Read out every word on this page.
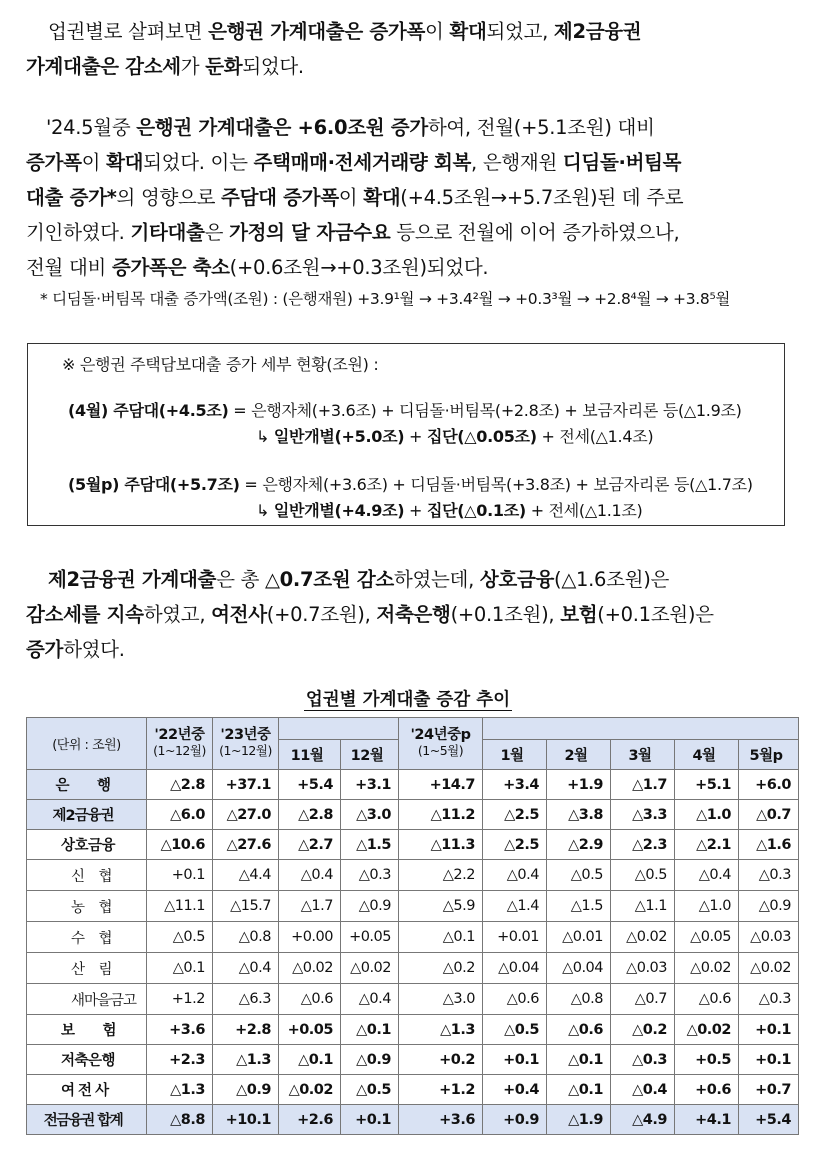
업권별로 살펴보면 은행권 가계대출은 증가폭이 확대되었고, 제2금융권
가계대출은 감소세가 둔화되었다.
'24.5월중 은행권 가계대출은 +6.0조원 증가하여, 전월(+5.1조원) 대비
증가폭이 확대되었다. 이는 주택매매·전세거래량 회복, 은행재원 디딤돌·버팀목
대출 증가*의 영향으로 주담대 증가폭이 확대(+4.5조원→+5.7조원)된 데 주로
기인하였다. 기타대출은 가정의 달 자금수요 등으로 전월에 이어 증가하였으나,
전월 대비 증가폭은 축소(+0.6조원→+0.3조원)되었다.
* 디딤돌·버팀목 대출 증가액(조원) : (은행재원) +3.9¹월 → +3.4²월 → +0.3³월 → +2.8⁴월 → +3.8⁵월
※ 은행권 주택담보대출 증가 세부 현황(조원) :
(4월) 주담대(+4.5조) = 은행자체(+3.6조) + 디딤돌·버팀목(+2.8조) + 보금자리론 등(△1.9조)
↳ 일반개별(+5.0조) + 집단(△0.05조) + 전세(△1.4조)
(5월p) 주담대(+5.7조) = 은행자체(+3.6조) + 디딤돌·버팀목(+3.8조) + 보금자리론 등(△1.7조)
↳ 일반개별(+4.9조) + 집단(△0.1조) + 전세(△1.1조)
제2금융권 가계대출은 총 △0.7조원 감소하였는데, 상호금융(△1.6조원)은
감소세를 지속하였고, 여전사(+0.7조원), 저축은행(+0.1조원), 보험(+0.1조원)은
증가하였다.
업권별 가계대출 증감 추이
(단위 : 조원)	'22년중
(1~12월)	'23년중
(1~12월)			'24년중p
(1~5월)					
			11월	12월		1월	2월	3월	4월	5월p
은　　행	△2.8	+37.1	+5.4	+3.1	+14.7	+3.4	+1.9	△1.7	+5.1	+6.0
제2금융권	△6.0	△27.0	△2.8	△3.0	△11.2	△2.5	△3.8	△3.3	△1.0	△0.7
상호금융	△10.6	△27.6	△2.7	△1.5	△11.3	△2.5	△2.9	△2.3	△2.1	△1.6
신　협	+0.1	△4.4	△0.4	△0.3	△2.2	△0.4	△0.5	△0.5	△0.4	△0.3
농　협	△11.1	△15.7	△1.7	△0.9	△5.9	△1.4	△1.5	△1.1	△1.0	△0.9
수　협	△0.5	△0.8	+0.00	+0.05	△0.1	+0.01	△0.01	△0.02	△0.05	△0.03
산　림	△0.1	△0.4	△0.02	△0.02	△0.2	△0.04	△0.04	△0.03	△0.02	△0.02
새마을금고	+1.2	△6.3	△0.6	△0.4	△3.0	△0.6	△0.8	△0.7	△0.6	△0.3
보　　험	+3.6	+2.8	+0.05	△0.1	△1.3	△0.5	△0.6	△0.2	△0.02	+0.1
저축은행	+2.3	△1.3	△0.1	△0.9	+0.2	+0.1	△0.1	△0.3	+0.5	+0.1
여 전 사	△1.3	△0.9	△0.02	△0.5	+1.2	+0.4	△0.1	△0.4	+0.6	+0.7
전금융권 합계	△8.8	+10.1	+2.6	+0.1	+3.6	+0.9	△1.9	△4.9	+4.1	+5.4
